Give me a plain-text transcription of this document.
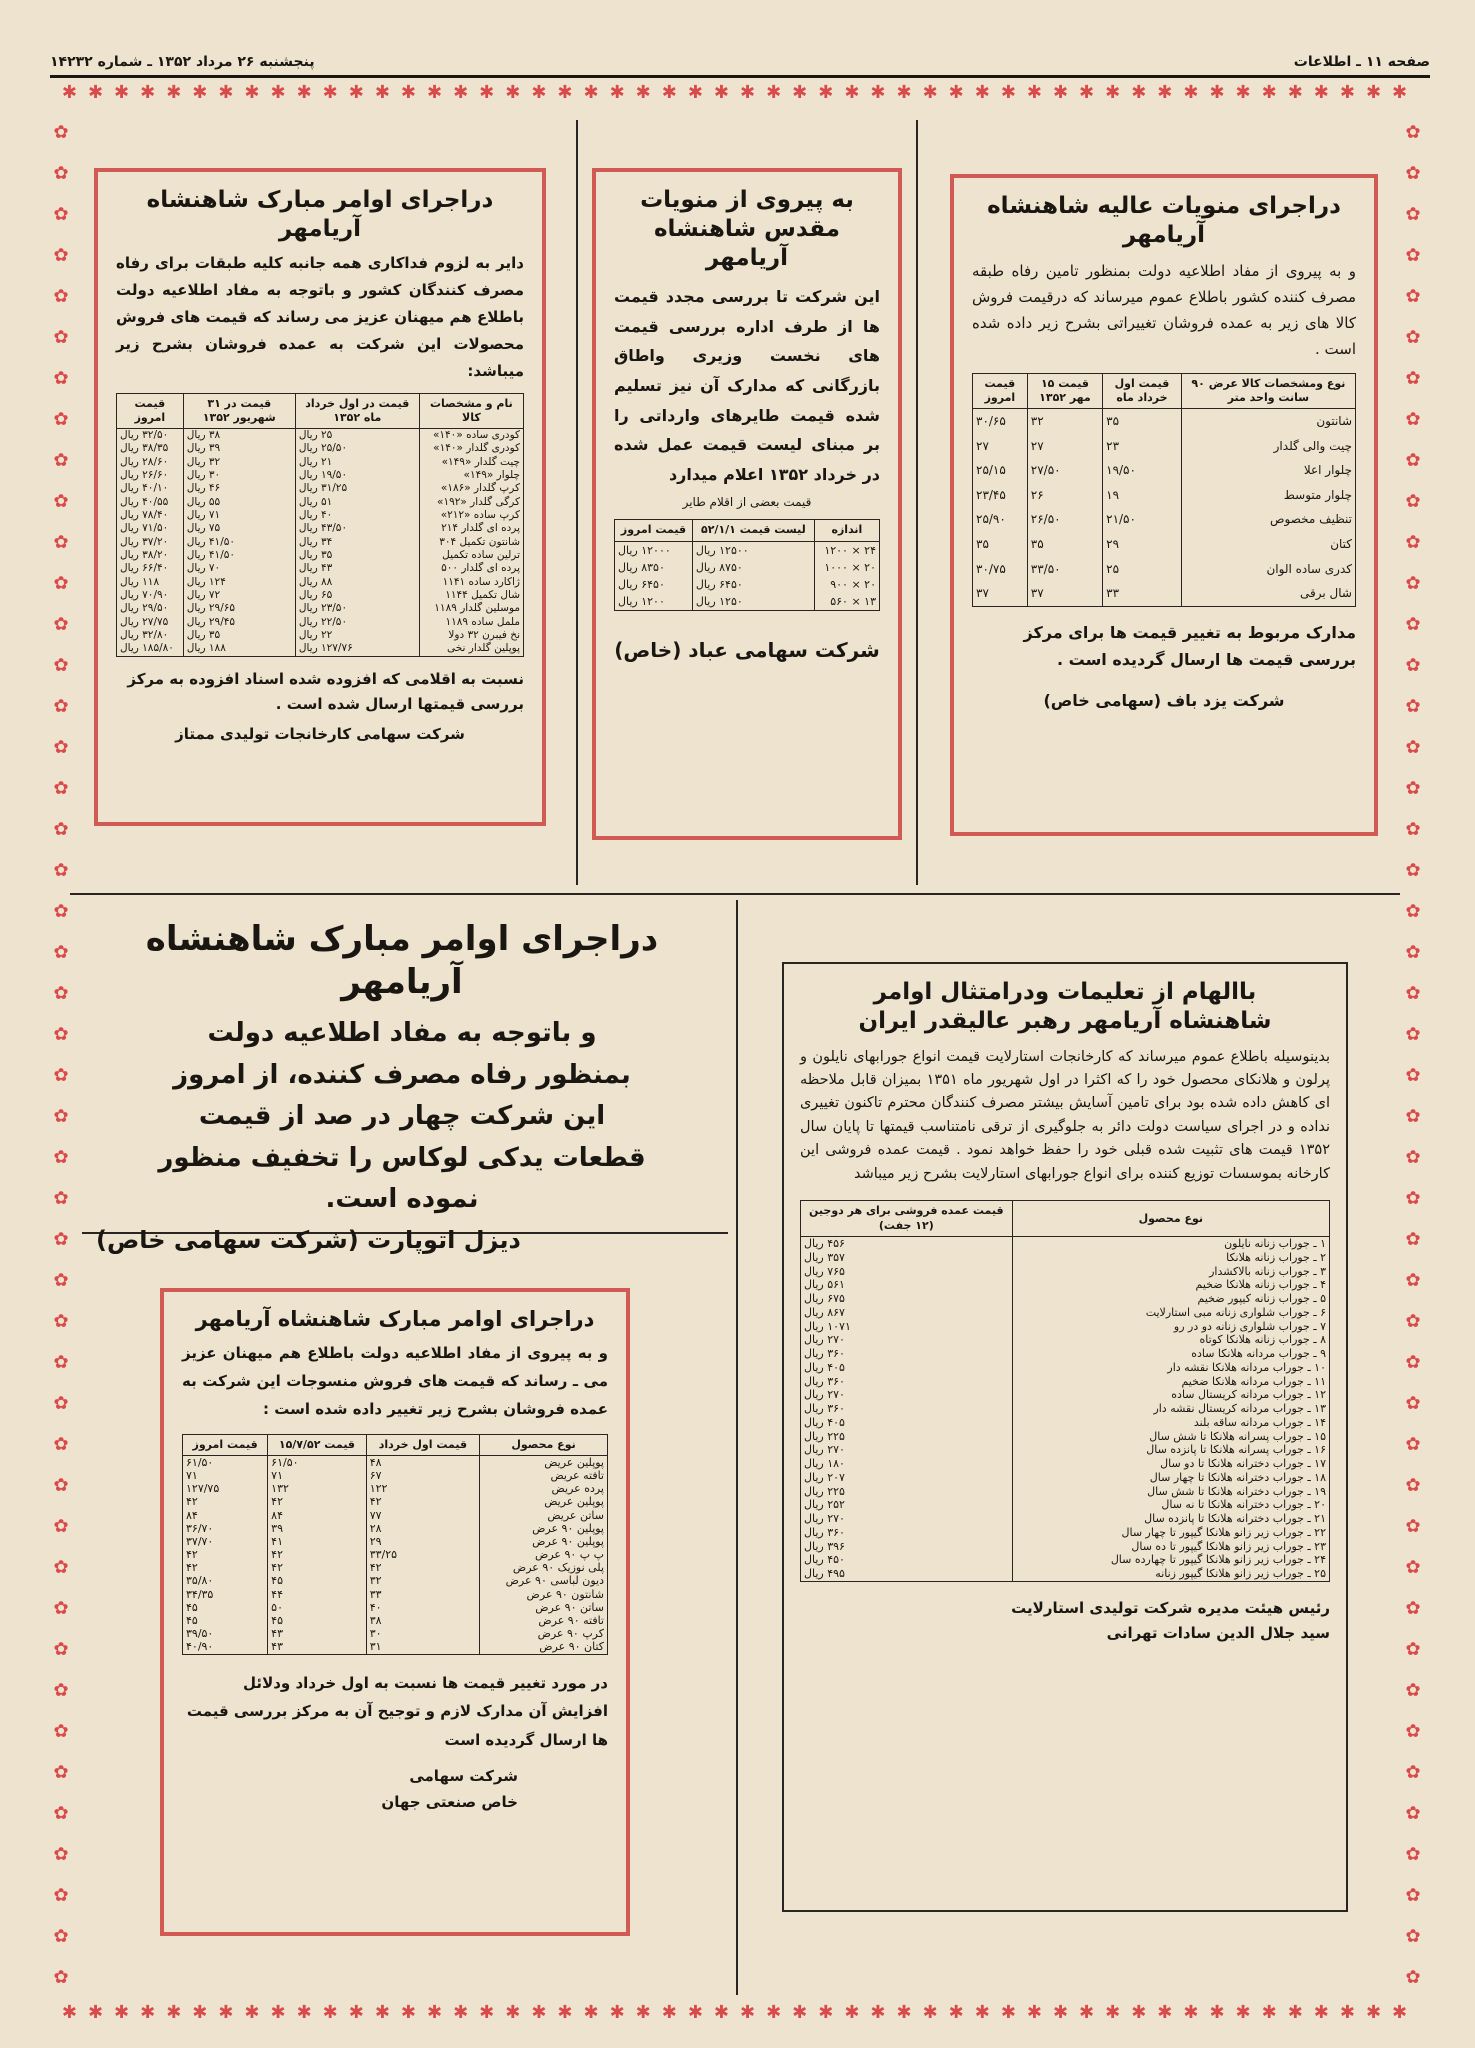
صفحه ۱۱ ـ اطلاعات
پنجشنبه ۲۶ مرداد ۱۳۵۲ ـ شماره ۱۴۲۳۲
✱✱✱✱✱✱✱✱✱✱✱✱✱✱✱✱✱✱✱✱✱✱✱✱✱✱✱✱✱✱✱✱✱✱✱✱✱✱✱✱✱✱✱✱✱✱✱✱✱✱✱✱
✱✱✱✱✱✱✱✱✱✱✱✱✱✱✱✱✱✱✱✱✱✱✱✱✱✱✱✱✱✱✱✱✱✱✱✱✱✱✱✱✱✱✱✱✱✱✱✱✱✱✱✱
✿
✿
✿
✿
✿
✿
✿
✿
✿
✿
✿
✿
✿
✿
✿
✿
✿
✿
✿
✿
✿
✿
✿
✿
✿
✿
✿
✿
✿
✿
✿
✿
✿
✿
✿
✿
✿
✿
✿
✿
✿
✿
✿
✿
✿
✿
✿
✿
✿
✿
✿
✿
✿
✿
✿
✿
✿
✿
✿
✿
✿
✿
✿
✿
✿
✿
✿
✿
✿
✿
✿
✿
✿
✿
✿
✿
✿
✿
✿
✿
✿
✿
✿
✿
✿
✿
✿
✿
✿
✿
✿
✿
دراجرای منویات عالیه شاهنشاه آریامهر
و به پیروی از مفاد اطلاعیه دولت بمنظور تامین رفاه طبقه مصرف کننده کشور باطلاع عموم میرساند که درقیمت فروش کالا های زیر به عمده فروشان تغییراتی بشرح زیر داده شده است .
نوع ومشخصات کالا عرض ۹۰ سانت واحد متر	قیمت اول خرداد ماه	قیمت ۱۵ مهر ۱۳۵۲	قیمت امروز
شانتون	۳۵	۳۲	۳۰/۶۵
چیت والی گلدار	۲۳	۲۷	۲۷
چلوار اعلا	۱۹/۵۰	۲۷/۵۰	۲۵/۱۵
چلوار متوسط	۱۹	۲۶	۲۳/۴۵
تنظیف مخصوص	۲۱/۵۰	۲۶/۵۰	۲۵/۹۰
کتان	۲۹	۳۵	۳۵
کدری ساده الوان	۲۵	۳۳/۵۰	۳۰/۷۵
شال برقی	۳۳	۳۷	۳۷
مدارک مربوط به تغییر قیمت ها برای مرکز بررسی قیمت ها ارسال گردیده است .
شرکت یزد باف (سهامی خاص)
به پیروی از منویات مقدس شاهنشاه آریامهر
این شرکت تا بررسی مجدد قیمت ها از طرف اداره بررسی قیمت های نخست وزیری واطاق بازرگانی که مدارک آن نیز تسلیم شده قیمت طایرهای وارداتی را بر مبنای لیست قیمت عمل شده در خرداد ۱۳۵۲ اعلام میدارد
قیمت بعضی از اقلام طایر
اندازه	لیست قیمت ۵۲/۱/۱	قیمت امروز
۲۴ × ۱۲۰۰	۱۲۵۰۰ ریال	۱۲۰۰۰ ریال
۲۰ × ۱۰۰۰	۸۷۵۰ ریال	۸۳۵۰ ریال
۲۰ × ۹۰۰	۶۴۵۰ ریال	۶۴۵۰ ریال
۱۳ × ۵۶۰	۱۲۵۰ ریال	۱۲۰۰ ریال
شرکت سهامی عباد (خاص)
دراجرای اوامر مبارک شاهنشاه آریامهر
دایر به لزوم فداکاری همه جانبه کلیه طبقات برای رفاه مصرف کنندگان کشور و باتوجه به مفاد اطلاعیه دولت باطلاع هم میهنان عزیز می رساند که قیمت های فروش محصولات این شرکت به عمده فروشان بشرح زیر میباشد:
نام و مشخصات کالا	قیمت در اول خرداد ماه ۱۳۵۲	قیمت در ۳۱ شهریور ۱۳۵۲	قیمت امروز
کودری ساده «۱۴۰»	۲۵ ریال	۳۸ ریال	۳۲/۵۰ ریال
کودری گلدار «۱۴۰»	۲۵/۵۰ ریال	۳۹ ریال	۳۸/۳۵ ریال
چیت گلدار «۱۴۹»	۲۱ ریال	۳۲ ریال	۲۸/۶۰ ریال
چلوار «۱۴۹»	۱۹/۵۰ ریال	۳۰ ریال	۲۶/۶۰ ریال
کرپ گلدار «۱۸۶»	۳۱/۲۵ ریال	۴۶ ریال	۴۰/۱۰ ریال
کرگی گلدار «۱۹۲»	۵۱ ریال	۵۵ ریال	۴۰/۵۵ ریال
کرپ ساده «۲۱۲»	۴۰ ریال	۷۱ ریال	۷۸/۴۰ ریال
پرده ای گلدار ۲۱۴	۴۳/۵۰ ریال	۷۵ ریال	۷۱/۵۰ ریال
شانتون تکمیل ۳۰۴	۳۴ ریال	۴۱/۵۰ ریال	۳۷/۲۰ ریال
ترلین ساده تکمیل	۳۵ ریال	۴۱/۵۰ ریال	۳۸/۲۰ ریال
پرده ای گلدار ۵۰۰	۴۳ ریال	۷۰ ریال	۶۶/۴۰ ریال
ژاکارد ساده ۱۱۴۱	۸۸ ریال	۱۲۴ ریال	۱۱۸ ریال
شال تکمیل ۱۱۴۴	۶۵ ریال	۷۲ ریال	۷۰/۹۰ ریال
موسلین گلدار ۱۱۸۹	۲۳/۵۰ ریال	۲۹/۶۵ ریال	۲۹/۵۰ ریال
ململ ساده ۱۱۸۹	۲۲/۵۰ ریال	۲۹/۴۵ ریال	۲۷/۷۵ ریال
نخ فیبرن ۳۲ دولا	۲۲ ریال	۳۵ ریال	۳۲/۸۰ ریال
پوپلین گلدار نخی	۱۲۷/۷۶ ریال	۱۸۸ ریال	۱۸۵/۸۰ ریال
نسبت به اقلامی که افزوده شده اسناد افزوده به مرکز بررسی قیمتها ارسال شده است .
شرکت سهامی کارخانجات تولیدی ممتاز
دراجرای اوامر مبارک شاهنشاه آریامهر
و باتوجه به مفاد اطلاعیه دولت بمنظور رفاه مصرف کننده، از امروز این شرکت چهار در صد از قیمت قطعات یدکی لوکاس را تخفیف منظور نموده است.
دیزل اتوپارت (شرکت سهامی خاص)
دراجرای اوامر مبارک شاهنشاه آریامهر
و به پیروی از مفاد اطلاعیه دولت باطلاع هم میهنان عزیز می ـ رساند که قیمت های فروش منسوجات این شرکت به عمده فروشان بشرح زیر تغییر داده شده است :
نوع محصول	قیمت اول خرداد	قیمت ۱۵/۷/۵۲	قیمت امروز
پوپلین عریض	۴۸	۶۱/۵۰	۶۱/۵۰
تافته عریض	۶۷	۷۱	۷۱
پرده عریض	۱۲۲	۱۳۲	۱۲۷/۷۵
پوپلین عریض	۴۲	۴۲	۴۲
ساتن عریض	۷۷	۸۴	۸۴
پوپلین ۹۰ عرض	۲۸	۳۹	۳۶/۷۰
پوپلین ۹۰ عرض	۲۹	۴۱	۳۷/۷۰
پ پ ۹۰ عرض	۳۳/۲۵	۴۲	۴۲
پلی نوزیک ۹۰ عرض	۴۲	۴۲	۴۲
دیون لباسی ۹۰ عرض	۳۲	۴۵	۳۵/۸۰
شانتون ۹۰ عرض	۳۳	۴۴	۳۴/۳۵
ساتن ۹۰ عرض	۴۰	۵۰	۴۵
تافته ۹۰ عرض	۳۸	۴۵	۴۵
کرپ ۹۰ عرض	۳۰	۴۳	۳۹/۵۰
کتان ۹۰ عرض	۳۱	۴۳	۴۰/۹۰
در مورد تغییر قیمت ها نسبت به اول خرداد ودلائل افزایش آن مدارک لازم و توجیح آن به مرکز بررسی قیمت ها ارسال گردیده است
شرکت سهامی
خاص صنعتی جهان
باالهام از تعلیمات ودرامتثال اوامر شاهنشاه آریامهر رهبر عالیقدر ایران
بدینوسیله باطلاع عموم میرساند که کارخانجات استارلایت قیمت انواع جورابهای نایلون و پرلون و هلانکای محصول خود را که اکثرا در اول شهریور ماه ۱۳۵۱ بمیزان قابل ملاحظه ای کاهش داده شده بود برای تامین آسایش بیشتر مصرف کنندگان محترم تاکنون تغییری نداده و در اجرای سیاست دولت دائر به جلوگیری از ترقی نامتناسب قیمتها تا پایان سال ۱۳۵۲ قیمت های تثبیت شده قبلی خود را حفظ خواهد نمود . قیمت عمده فروشی این کارخانه بموسسات توزیع کننده برای انواع جورابهای استارلایت بشرح زیر میباشد
نوع محصول	قیمت عمده فروشی برای هر دوجین (۱۲ جفت)
۱ ـ جوراب زنانه نایلون	۴۵۶ ریال
۲ ـ جوراب زنانه هلانکا	۳۵۷ ریال
۳ ـ جوراب زنانه بالاکشدار	۷۶۵ ریال
۴ ـ جوراب زنانه هلانکا ضخیم	۵۶۱ ریال
۵ ـ جوراب زنانه کیپور ضخیم	۶۷۵ ریال
۶ ـ جوراب شلواری زنانه مبی استارلایت	۸۶۷ ریال
۷ ـ جوراب شلواری زنانه دو در رو	۱۰۷۱ ریال
۸ ـ جوراب زنانه هلانکا کوتاه	۲۷۰ ریال
۹ ـ جوراب مردانه هلانکا ساده	۳۶۰ ریال
۱۰ ـ جوراب مردانه هلانکا نقشه دار	۴۰۵ ریال
۱۱ ـ جوراب مردانه هلانکا ضخیم	۳۶۰ ریال
۱۲ ـ جوراب مردانه کریستال ساده	۲۷۰ ریال
۱۳ ـ جوراب مردانه کریستال نقشه دار	۳۶۰ ریال
۱۴ ـ جوراب مردانه ساقه بلند	۴۰۵ ریال
۱۵ ـ جوراب پسرانه هلانکا تا شش سال	۲۲۵ ریال
۱۶ ـ جوراب پسرانه هلانکا تا پانزده سال	۲۷۰ ریال
۱۷ ـ جوراب دخترانه هلانکا تا دو سال	۱۸۰ ریال
۱۸ ـ جوراب دخترانه هلانکا تا چهار سال	۲۰۷ ریال
۱۹ ـ جوراب دخترانه هلانکا تا شش سال	۲۲۵ ریال
۲۰ ـ جوراب دخترانه هلانکا تا نه سال	۲۵۲ ریال
۲۱ ـ جوراب دخترانه هلانکا تا پانزده سال	۲۷۰ ریال
۲۲ ـ جوراب زیر زانو هلانکا گیپور تا چهار سال	۳۶۰ ریال
۲۳ ـ جوراب زیر زانو هلانکا گیپور تا ده سال	۳۹۶ ریال
۲۴ ـ جوراب زیر زانو هلانکا گیپور تا چهارده سال	۴۵۰ ریال
۲۵ ـ جوراب زیر زانو هلانکا گیپور زنانه	۴۹۵ ریال
رئیس هیئت مدیره شرکت تولیدی استارلایت
سید جلال الدین سادات تهرانی
